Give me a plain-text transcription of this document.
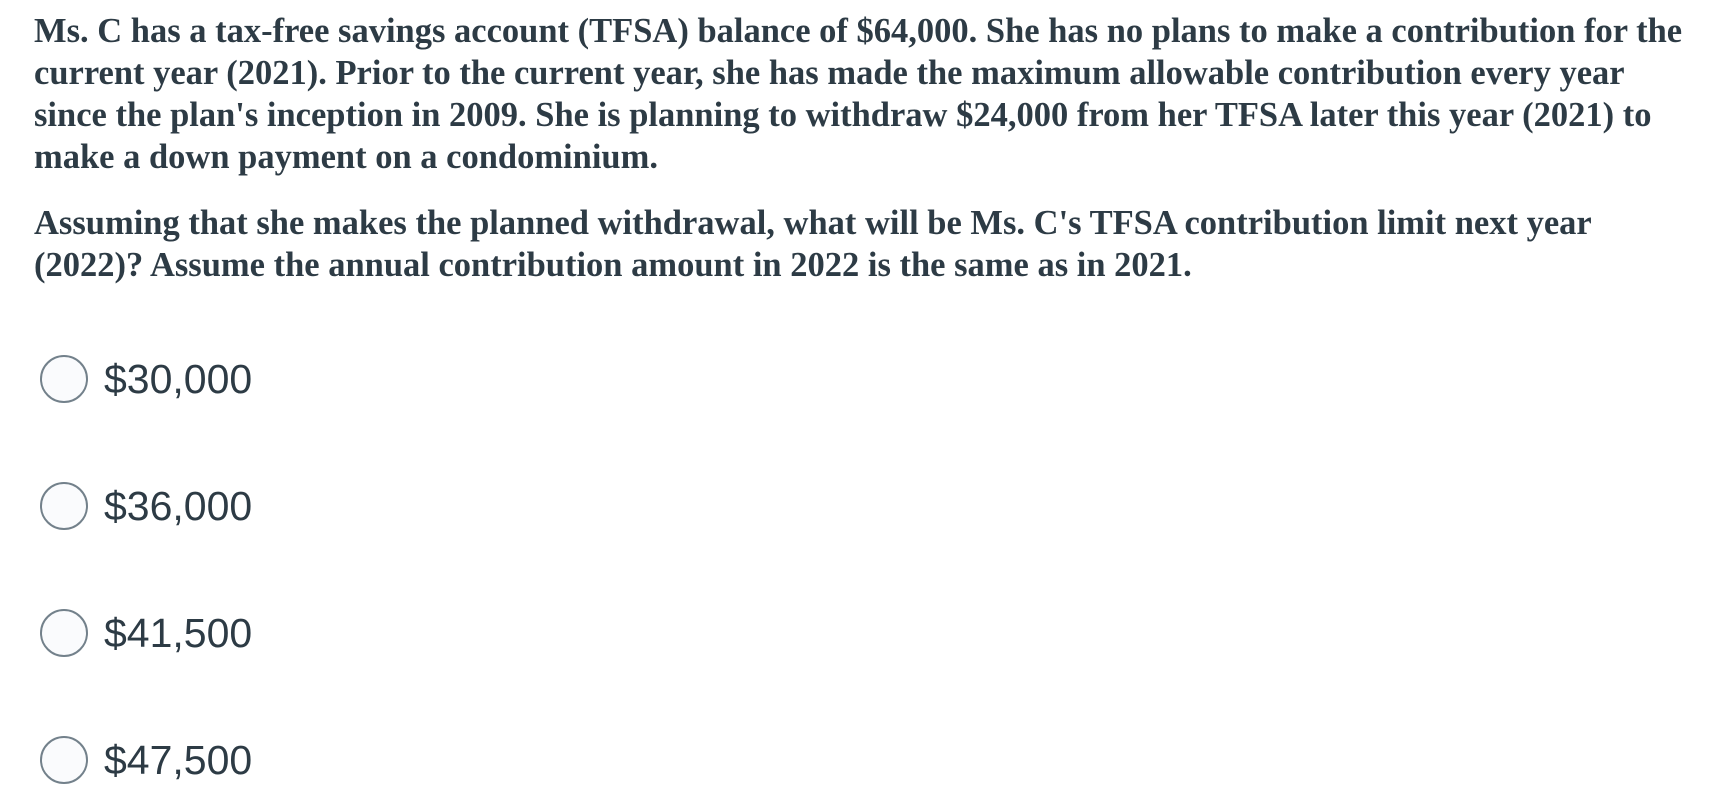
Ms. C has a tax-free savings account (TFSA) balance of $64,000. She has no plans to make a contribution for the current year (2021). Prior to the current year, she has made the maximum allowable contribution every year since the plan's inception in 2009. She is planning to withdraw $24,000 from her TFSA later this year (2021) to make a down payment on a condominium.

Assuming that she makes the planned withdrawal, what will be Ms. C's TFSA contribution limit next year (2022)? Assume the annual contribution amount in 2022 is the same as in 2021.

$30,000
$36,000
$41,500
$47,500
